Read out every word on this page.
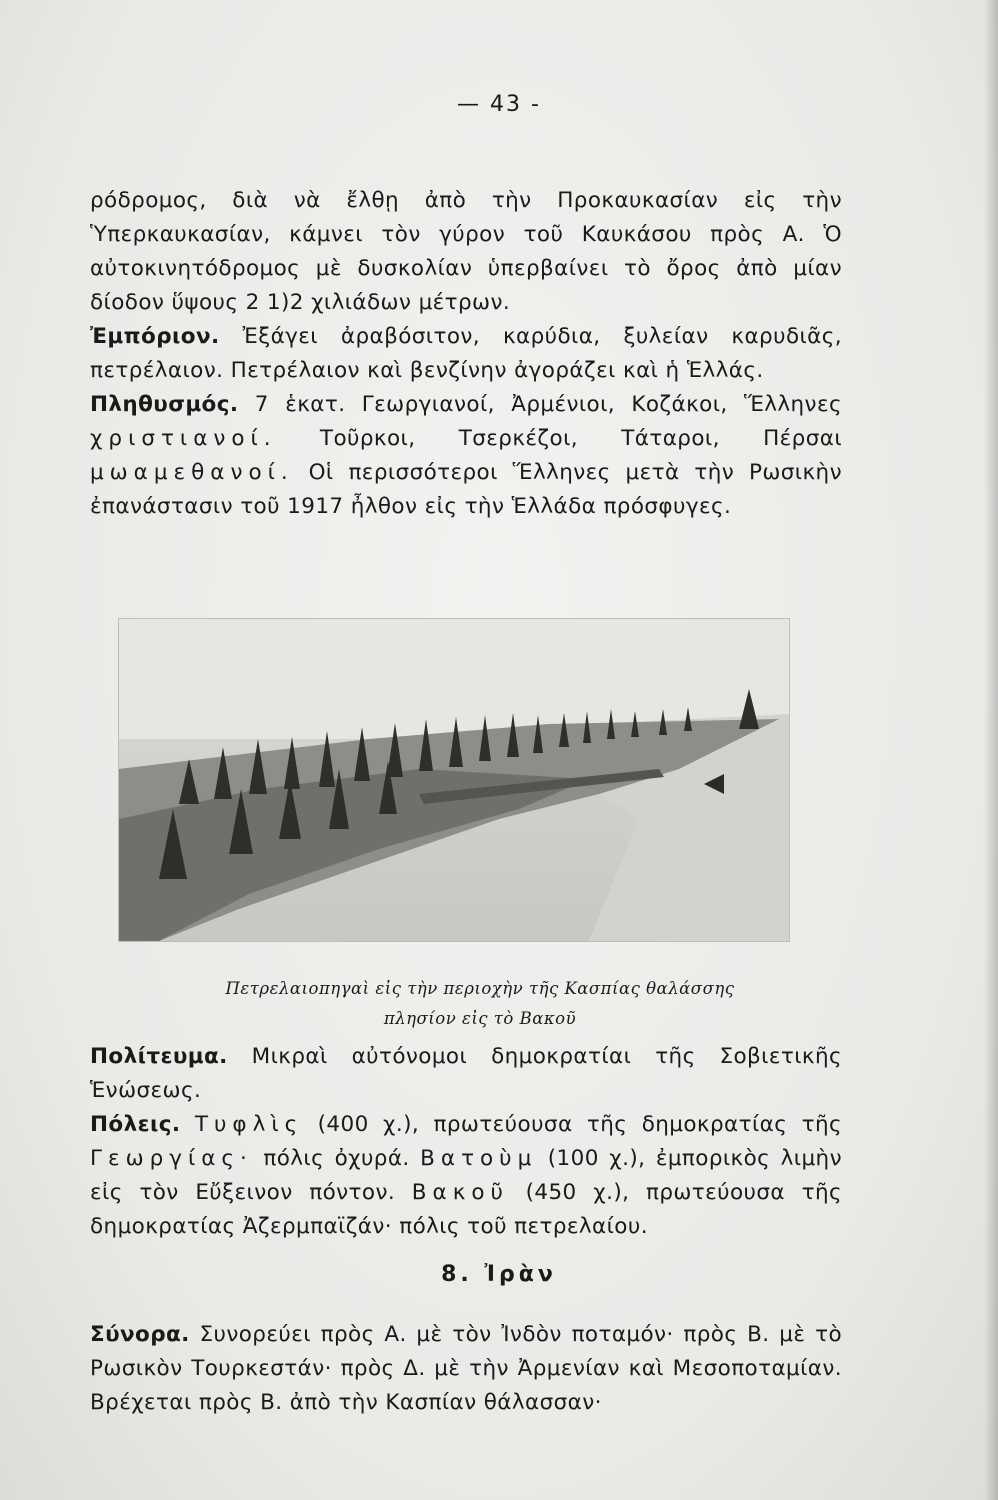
— 43 -

ρόδρομος, διὰ νὰ ἔλθῃ ἀπὸ τὴν Προκαυκασίαν εἰς τὴν Ὑπερκαυκασίαν, κάμνει τὸν γύρον τοῦ Καυκάσου πρὸς Α. Ὁ αὐτοκινητόδρομος μὲ δυσκολίαν ὑπερβαίνει τὸ ὄρος ἀπὸ μίαν δίοδον ὕψους 2 1)2 χιλιάδων μέτρων.

Ἐμπόριον. Ἐξάγει ἀραβόσιτον, καρύδια, ξυλείαν καρυδιᾶς, πετρέλαιον. Πετρέλαιον καὶ βενζίνην ἀγοράζει καὶ ἡ Ἑλλάς.

Πληθυσμός. 7 ἑκατ. Γεωργιανοί, Ἀρμένιοι, Κοζάκοι, Ἕλληνες χριστιανοί. Τοῦρκοι, Τσερκέζοι, Τάταροι, Πέρσαι μωαμεθανοί. Οἱ περισσότεροι Ἕλληνες μετὰ τὴν Ρωσικὴν ἐπανάστασιν τοῦ 1917 ἦλθον εἰς τὴν Ἑλλάδα πρόσφυγες.

Πετρελαιοπηγαὶ εἰς τὴν περιοχὴν τῆς Κασπίας θαλάσσης
πλησίον εἰς τὸ Βακοῦ

Πολίτευμα. Μικραὶ αὐτόνομοι δημοκρατίαι τῆς Σοβιετικῆς Ἑνώσεως.

Πόλεις. Τυφλὶς (400 χ.), πρωτεύουσα τῆς δημοκρατίας τῆς Γεωργίας· πόλις ὀχυρά. Βατοὺμ (100 χ.), ἐμπορικὸς λιμὴν εἰς τὸν Εὔξεινον πόντον. Βακοῦ (450 χ.), πρωτεύουσα τῆς δημοκρατίας Ἀζερμπαϊζάν· πόλις τοῦ πετρελαίου.

8. Ἰρὰν

Σύνορα. Συνορεύει πρὸς Α. μὲ τὸν Ἰνδὸν ποταμόν· πρὸς Β. μὲ τὸ Ρωσικὸν Τουρκεστάν· πρὸς Δ. μὲ τὴν Ἀρμενίαν καὶ Μεσοποταμίαν. Βρέχεται πρὸς Β. ἀπὸ τὴν Κασπίαν θάλασσαν·
